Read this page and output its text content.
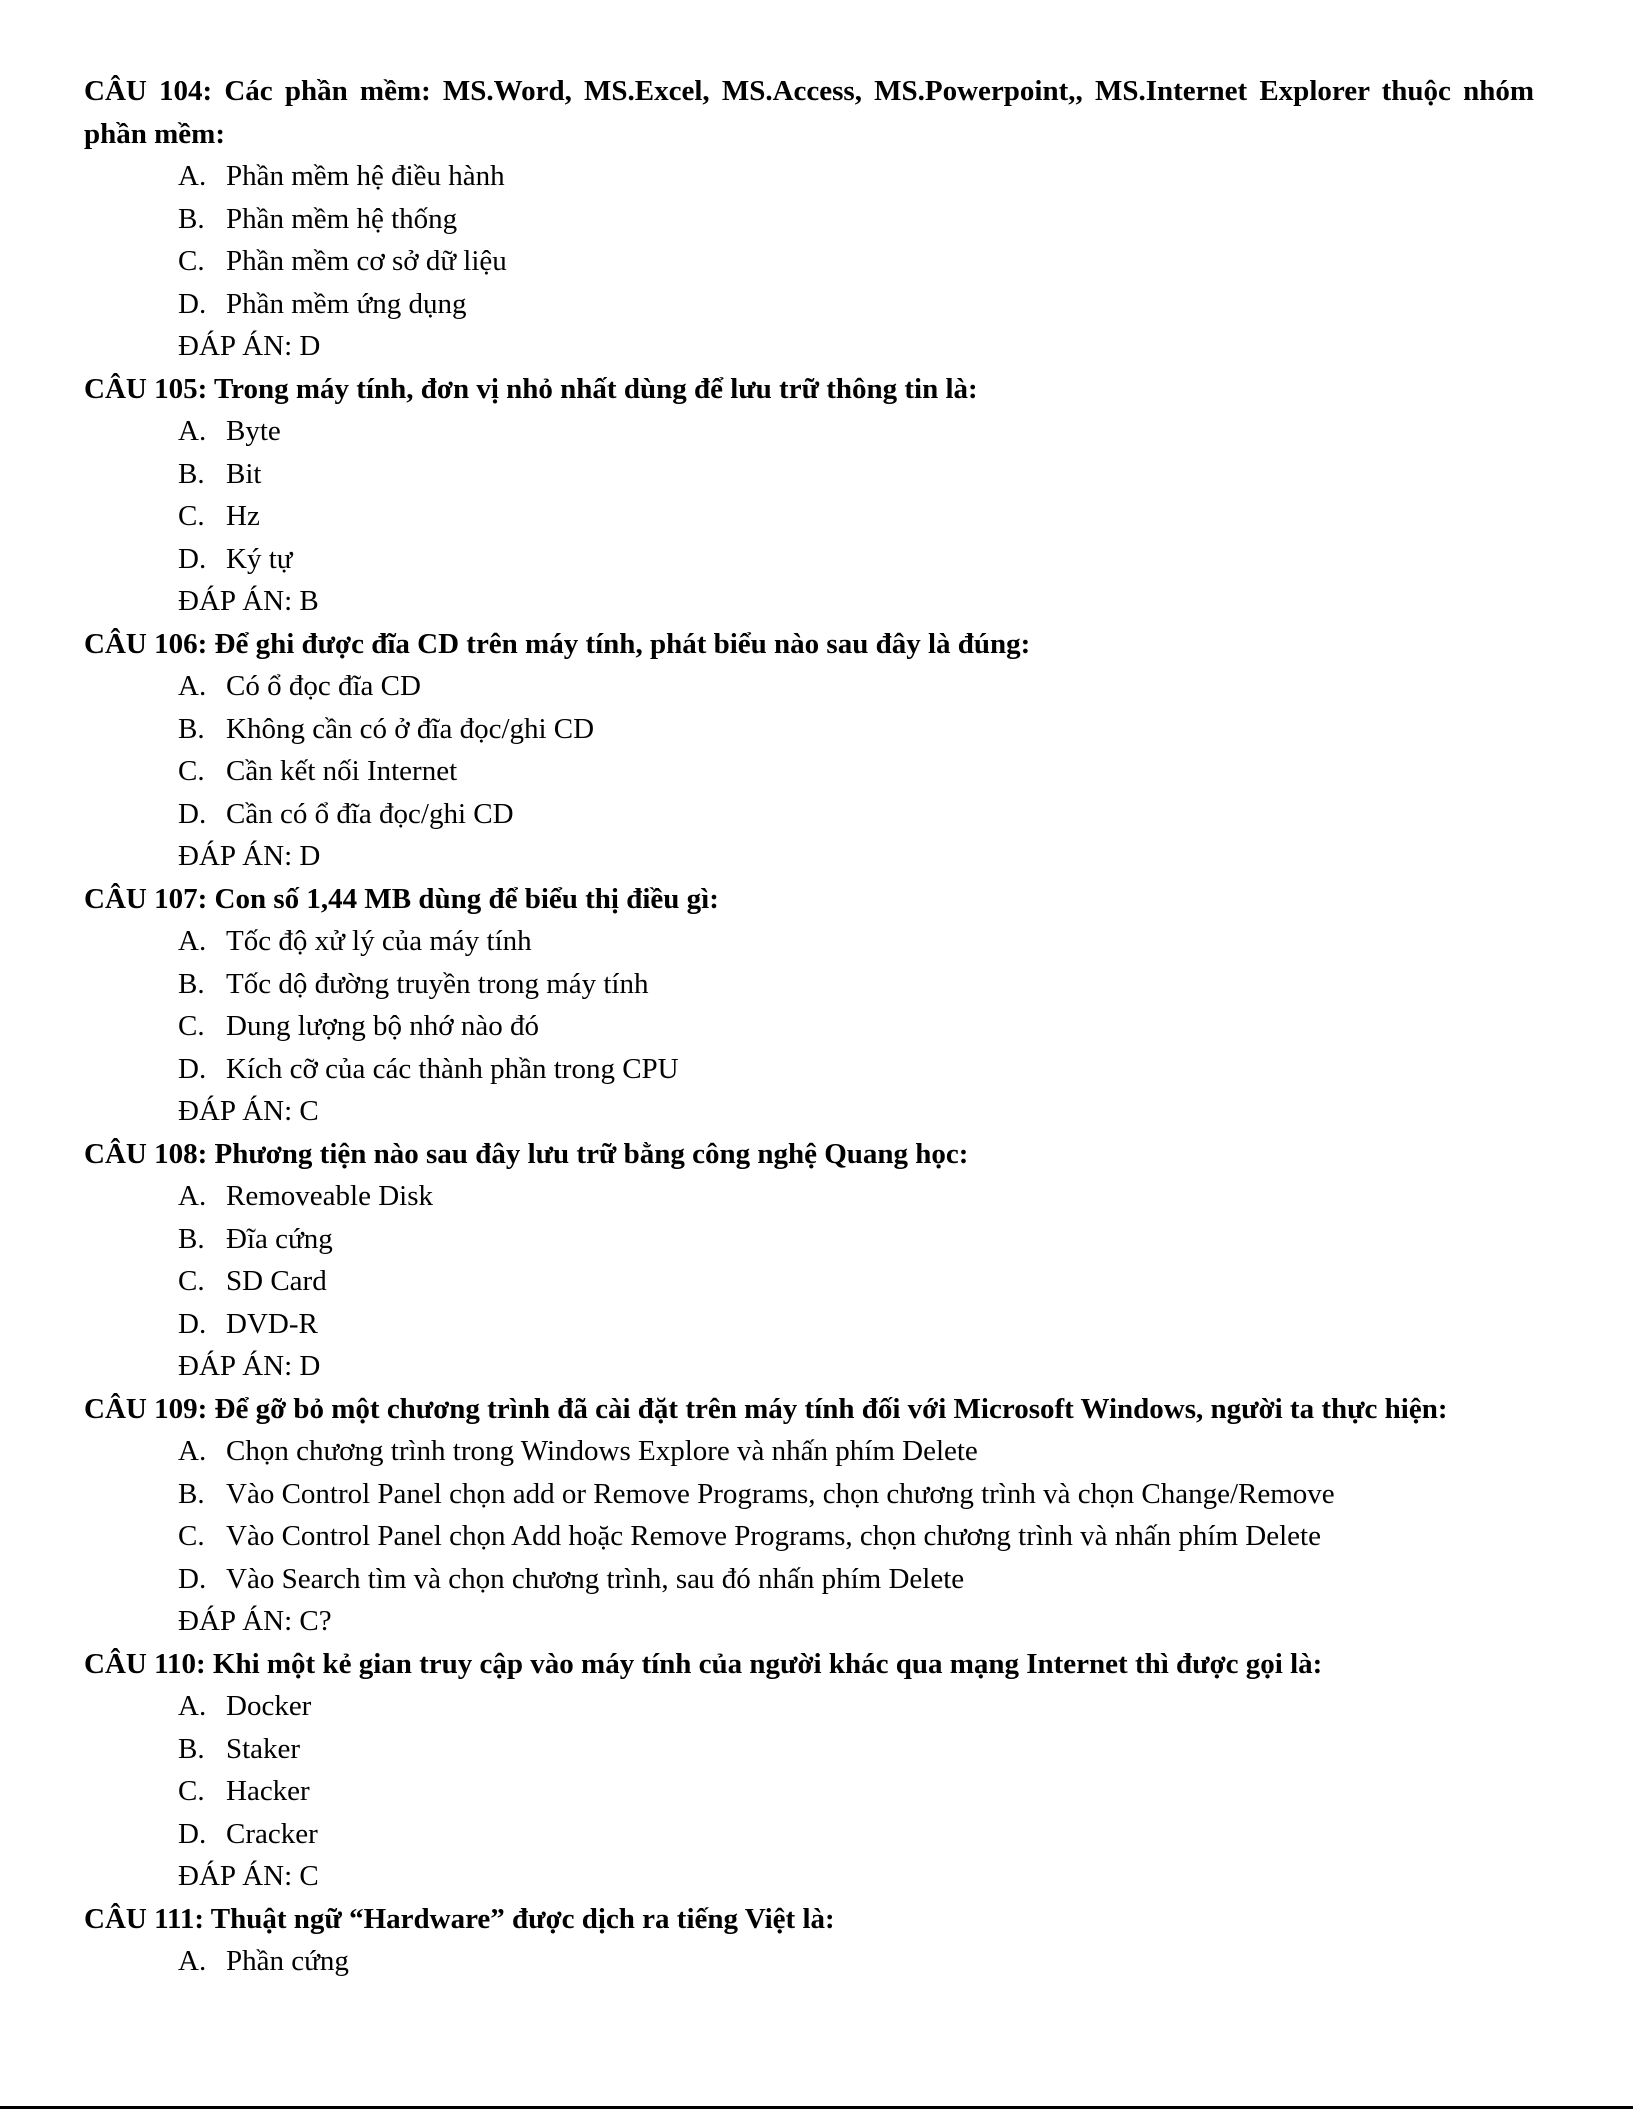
CÂU 104: Các phần mềm: MS.Word, MS.Excel, MS.Access, MS.Powerpoint,, MS.Internet Explorer thuộc nhóm phần mềm:

A. Phần mềm hệ điều hành
B. Phần mềm hệ thống
C. Phần mềm cơ sở dữ liệu
D. Phần mềm ứng dụng
ĐÁP ÁN: D

CÂU 105: Trong máy tính, đơn vị nhỏ nhất dùng để lưu trữ thông tin là:

A. Byte
B. Bit
C. Hz
D. Ký tự
ĐÁP ÁN: B

CÂU 106: Để ghi được đĩa CD trên máy tính, phát biểu nào sau đây là đúng:

A. Có ổ đọc đĩa CD
B. Không cần có ở đĩa đọc/ghi CD
C. Cần kết nối Internet
D. Cần có ổ đĩa đọc/ghi CD
ĐÁP ÁN: D

CÂU 107: Con số 1,44 MB dùng để biểu thị điều gì:

A. Tốc độ xử lý của máy tính
B. Tốc dộ đường truyền trong máy tính
C. Dung lượng bộ nhớ nào đó
D. Kích cỡ của các thành phần trong CPU
ĐÁP ÁN: C

CÂU 108: Phương tiện nào sau đây lưu trữ bằng công nghệ Quang học:

A. Removeable Disk
B. Đĩa cứng
C. SD Card
D. DVD-R
ĐÁP ÁN: D

CÂU 109: Để gỡ bỏ một chương trình đã cài đặt trên máy tính đối với Microsoft Windows, người ta thực hiện:

A. Chọn chương trình trong Windows Explore và nhấn phím Delete
B. Vào Control Panel chọn add or Remove Programs, chọn chương trình và chọn Change/Remove
C. Vào Control Panel chọn Add hoặc Remove Programs, chọn chương trình và nhấn phím Delete
D. Vào Search tìm và chọn chương trình, sau đó nhấn phím Delete
ĐÁP ÁN: C?

CÂU 110: Khi một kẻ gian truy cập vào máy tính của người khác qua mạng Internet thì được gọi là:

A. Docker
B. Staker
C. Hacker
D. Cracker
ĐÁP ÁN: C

CÂU 111: Thuật ngữ “Hardware” được dịch ra tiếng Việt là:

A. Phần cứng
